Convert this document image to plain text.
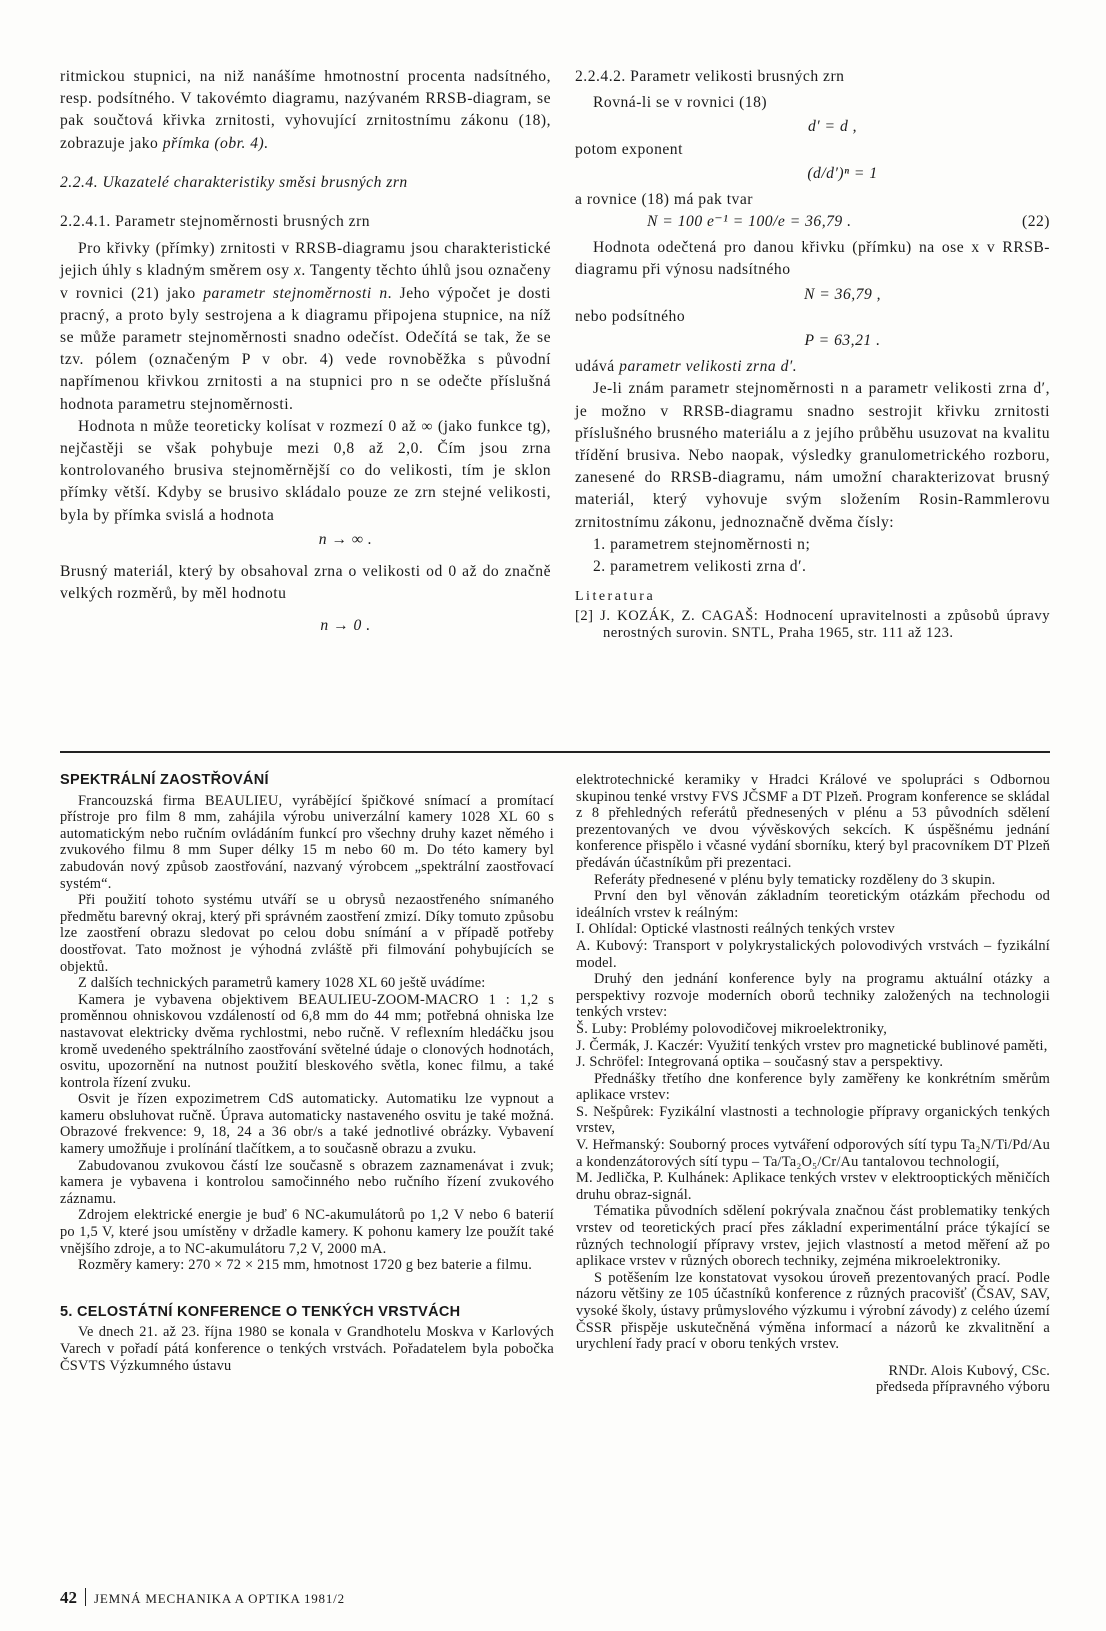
ritmickou stupnici, na niž nanášíme hmotnostní procenta nadsítného, resp. podsítného. V takovémto diagramu, nazývaném RRSB-diagram, se pak součtová křivka zrnitosti, vyhovující zrnitostnímu zákonu (18), zobrazuje jako přímka (obr. 4).

2.2.4. Ukazatelé charakteristiky směsi brusných zrn

2.2.4.1. Parametr stejnoměrnosti brusných zrn

Pro křivky (přímky) zrnitosti v RRSB-diagramu jsou charakteristické jejich úhly s kladným směrem osy x. Tangenty těchto úhlů jsou označeny v rovnici (21) jako parametr stejnoměrnosti n. Jeho výpočet je dosti pracný, a proto byly sestrojena a k diagramu připojena stupnice, na níž se může parametr stejnoměrnosti snadno odečíst. Odečítá se tak, že se tzv. pólem (označeným P v obr. 4) vede rovnoběžka s původní napřímenou křivkou zrnitosti a na stupnici pro n se odečte příslušná hodnota parametru stejnoměrnosti.

Hodnota n může teoreticky kolísat v rozmezí 0 až ∞ (jako funkce tg), nejčastěji se však pohybuje mezi 0,8 až 2,0. Čím jsou zrna kontrolovaného brusiva stejnoměrnější co do velikosti, tím je sklon přímky větší. Kdyby se brusivo skládalo pouze ze zrn stejné velikosti, byla by přímka svislá a hodnota

n → ∞ .

Brusný materiál, který by obsahoval zrna o velikosti od 0 až do značně velkých rozměrů, by měl hodnotu

n → 0 .

2.2.4.2. Parametr velikosti brusných zrn

Rovná-li se v rovnici (18)

d′ = d ,

potom exponent

(d/d′)ⁿ = 1

a rovnice (18) má pak tvar

N = 100 e⁻¹ = 100/e = 36,79 .	(22)

Hodnota odečtená pro danou křivku (přímku) na ose x v RRSB-diagramu při výnosu nadsítného

N = 36,79 ,

nebo podsítného

P = 63,21 .

udává parametr velikosti zrna d′.

Je-li znám parametr stejnoměrnosti n a parametr velikosti zrna d′, je možno v RRSB-diagramu snadno sestrojit křivku zrnitosti příslušného brusného materiálu a z jejího průběhu usuzovat na kvalitu třídění brusiva. Nebo naopak, výsledky granulometrického rozboru, zanesené do RRSB-diagramu, nám umožní charakterizovat brusný materiál, který vyhovuje svým složením Rosin-Rammlerovu zrnitostnímu zákonu, jednoznačně dvěma čísly:

1. parametrem stejnoměrnosti n;

2. parametrem velikosti zrna d′.

Literatura

[2] J. KOZÁK, Z. CAGAŠ: Hodnocení upravitelnosti a způsobů úpravy nerostných surovin. SNTL, Praha 1965, str. 111 až 123.

SPEKTRÁLNÍ ZAOSTŘOVÁNÍ

Francouzská firma BEAULIEU, vyrábějící špičkové snímací a promítací přístroje pro film 8 mm, zahájila výrobu univerzální kamery 1028 XL 60 s automatickým nebo ručním ovládáním funkcí pro všechny druhy kazet němého i zvukového filmu 8 mm Super délky 15 m nebo 60 m. Do této kamery byl zabudován nový způsob zaostřování, nazvaný výrobcem „spektrální zaostřovací systém“.

Při použití tohoto systému utváří se u obrysů nezaostřeného snímaného předmětu barevný okraj, který při správném zaostření zmizí. Díky tomuto způsobu lze zaostření obrazu sledovat po celou dobu snímání a v případě potřeby doostřovat. Tato možnost je výhodná zvláště při filmování pohybujících se objektů.

Z dalších technických parametrů kamery 1028 XL 60 ještě uvádíme:

Kamera je vybavena objektivem BEAULIEU-ZOOM-MACRO 1 : 1,2 s proměnnou ohniskovou vzdáleností od 6,8 mm do 44 mm; potřebná ohniska lze nastavovat elektricky dvěma rychlostmi, nebo ručně. V reflexním hledáčku jsou kromě uvedeného spektrálního zaostřování světelné údaje o clonových hodnotách, osvitu, upozornění na nutnost použití bleskového světla, konec filmu, a také kontrola řízení zvuku.

Osvit je řízen expozimetrem CdS automaticky. Automatiku lze vypnout a kameru obsluhovat ručně. Úprava automaticky nastaveného osvitu je také možná. Obrazové frekvence: 9, 18, 24 a 36 obr/s a také jednotlivé obrázky. Vybavení kamery umožňuje i prolínání tlačítkem, a to současně obrazu a zvuku.

Zabudovanou zvukovou částí lze současně s obrazem zaznamenávat i zvuk; kamera je vybavena i kontrolou samočinného nebo ručního řízení zvukového záznamu.

Zdrojem elektrické energie je buď 6 NC-akumulátorů po 1,2 V nebo 6 baterií po 1,5 V, které jsou umístěny v držadle kamery. K pohonu kamery lze použít také vnějšího zdroje, a to NC-akumulátoru 7,2 V, 2000 mA.

Rozměry kamery: 270 × 72 × 215 mm, hmotnost 1720 g bez baterie a filmu.

5. CELOSTÁTNÍ KONFERENCE O TENKÝCH VRSTVÁCH

Ve dnech 21. až 23. října 1980 se konala v Grandhotelu Moskva v Karlových Varech v pořadí pátá konference o tenkých vrstvách. Pořadatelem byla pobočka ČSVTS Výzkumného ústavu

elektrotechnické keramiky v Hradci Králové ve spolupráci s Odbornou skupinou tenké vrstvy FVS JČSMF a DT Plzeň. Program konference se skládal z 8 přehledných referátů přednesených v plénu a 53 původních sdělení prezentovaných ve dvou vývěskových sekcích. K úspěšnému jednání konference přispělo i včasné vydání sborníku, který byl pracovníkem DT Plzeň předáván účastníkům při prezentaci.

Referáty přednesené v plénu byly tematicky rozděleny do 3 skupin.

První den byl věnován základním teoretickým otázkám přechodu od ideálních vrstev k reálným:

I. Ohlídal: Optické vlastnosti reálných tenkých vrstev

A. Kubový: Transport v polykrystalických polovodivých vrstvách – fyzikální model.

Druhý den jednání konference byly na programu aktuální otázky a perspektivy rozvoje moderních oborů techniky založených na technologii tenkých vrstev:

Š. Luby: Problémy polovodičovej mikroelektroniky,

J. Čermák, J. Kaczér: Využití tenkých vrstev pro magnetické bublinové paměti,

J. Schröfel: Integrovaná optika – současný stav a perspektivy.

Přednášky třetího dne konference byly zaměřeny ke konkrétním směrům aplikace vrstev:

S. Nešpůrek: Fyzikální vlastnosti a technologie přípravy organických tenkých vrstev,

V. Heřmanský: Souborný proces vytváření odporových sítí typu Ta₂N/Ti/Pd/Au a kondenzátorových sítí typu – Ta/Ta₂O₅/Cr/Au tantalovou technologií,

M. Jedlička, P. Kulhánek: Aplikace tenkých vrstev v elektrooptických měničích druhu obraz-signál.

Tématika původních sdělení pokrývala značnou část problematiky tenkých vrstev od teoretických prací přes základní experimentální práce týkající se různých technologií přípravy vrstev, jejich vlastností a metod měření až po aplikace vrstev v různých oborech techniky, zejména mikroelektroniky.

S potěšením lze konstatovat vysokou úroveň prezentovaných prací. Podle názoru většiny ze 105 účastníků konference z různých pracovišť (ČSAV, SAV, vysoké školy, ústavy průmyslového výzkumu i výrobní závody) z celého území ČSSR přispěje uskutečněná výměna informací a názorů ke zkvalitnění a urychlení řady prací v oboru tenkých vrstev.

RNDr. Alois Kubový, CSc.

předseda přípravného výboru

42 JEMNÁ MECHANIKA A OPTIKA 1981/2
